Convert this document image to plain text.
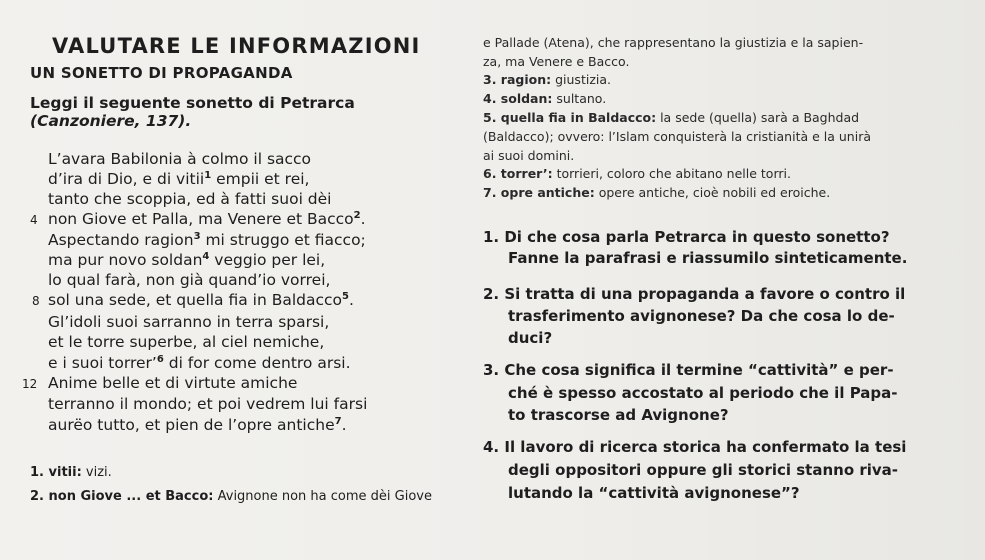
VALUTARE LE INFORMAZIONI
UN SONETTO DI PROPAGANDA
Leggi il seguente sonetto di Petrarca
(Canzoniere, 137).
L’avara Babilonia à colmo il sacco
d’ira di Dio, e di vitii$^1$ empii et rei,
tanto che scoppia, ed à fatti suoi dèi
4 non Giove et Palla, ma Venere et Bacco$^2$.
Aspectando ragion$^3$ mi struggo et fiacco;
ma pur novo soldan$^4$ veggio per lei,
lo qual farà, non già quand’io vorrei,
8 sol una sede, et quella fia in Baldacco$^5$.
Gl’idoli suoi sarranno in terra sparsi,
et le torre superbe, al ciel nemiche,
e i suoi torrer’$^6$ di for come dentro arsi.
12 Anime belle et di virtute amiche
terranno il mondo; et poi vedrem lui farsi
aurëo tutto, et pien de l’opre antiche$^7$.
1. vitii: vizi.
2. non Giove ... et Bacco: Avignone non ha come dèi Giove
e Pallade (Atena), che rappresentano la giustizia e la sapien-
za, ma Venere e Bacco.
3. ragion: giustizia.
4. soldan: sultano.
5. quella fia in Baldacco: la sede (quella) sarà a Baghdad
(Baldacco); ovvero: l’Islam conquisterà la cristianità e la unirà
ai suoi domini.
6. torrer’: torrieri, coloro che abitano nelle torri.
7. opre antiche: opere antiche, cioè nobili ed eroiche.
1. Di che cosa parla Petrarca in questo sonetto?
Fanne la parafrasi e riassumilo sinteticamente.
2. Si tratta di una propaganda a favore o contro il
trasferimento avignonese? Da che cosa lo de-
duci?
3. Che cosa significa il termine “cattività” e per-
ché è spesso accostato al periodo che il Papa-
to trascorse ad Avignone?
4. Il lavoro di ricerca storica ha confermato la tesi
degli oppositori oppure gli storici stanno riva-
lutando la “cattività avignonese”?
